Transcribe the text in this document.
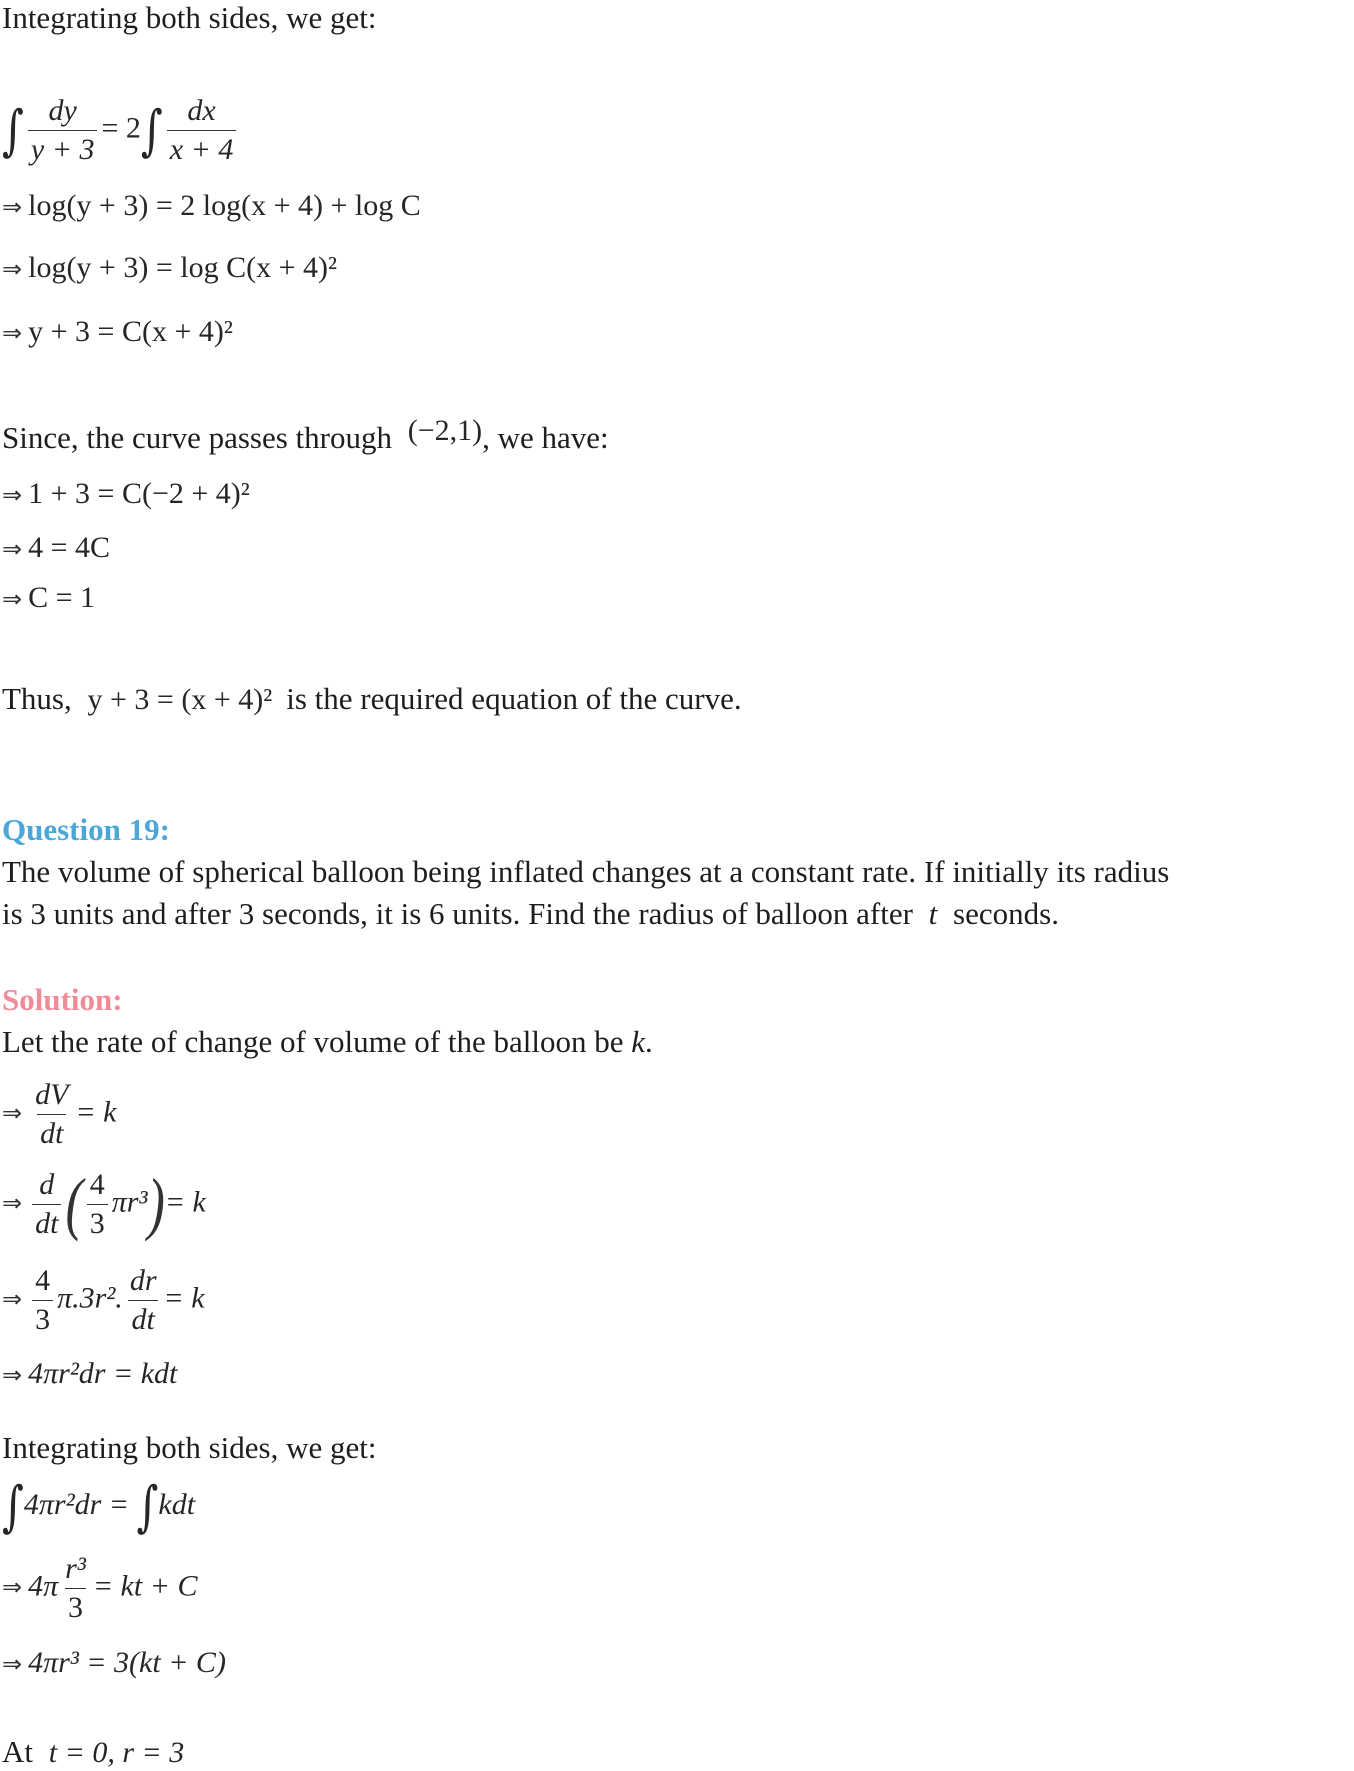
Integrating both sides, we get:
∫ $\frac{dy}{y + 3} = 2\int \frac{dx}{x + 4}$
⇒ log(y + 3) = 2 log(x + 4) + log C
⇒ log(y + 3) = log C(x + 4)²
⇒ y + 3 = C(x + 4)²
Since, the curve passes through (−2,1), we have:
⇒ 1 + 3 = C(−2 + 4)²
⇒ 4 = 4C
⇒ C = 1
Thus, y + 3 = (x + 4)² is the required equation of the curve.
Question 19:
The volume of spherical balloon being inflated changes at a constant rate. If initially its radius
is 3 units and after 3 seconds, it is 6 units. Find the radius of balloon after t seconds.
Solution:
Let the rate of change of volume of the balloon be k.
⇒ $\frac{dV}{dt} = k$
⇒ $\frac{d}{dt}$ ( $\frac{4}{3} \pi r^3)= k$
⇒ $\frac{4}{3} \pi.3r^2$. $\frac{dr}{dt} = k$
⇒ 4πr²dr = kdt
Integrating both sides, we get:
∫4πr²dr = ∫kdt
⇒ $4\pi \frac{\text{r³}}{3}$ = kt + C
⇒ 4πr³ = 3(kt + C)
At t = 0, r = 3
